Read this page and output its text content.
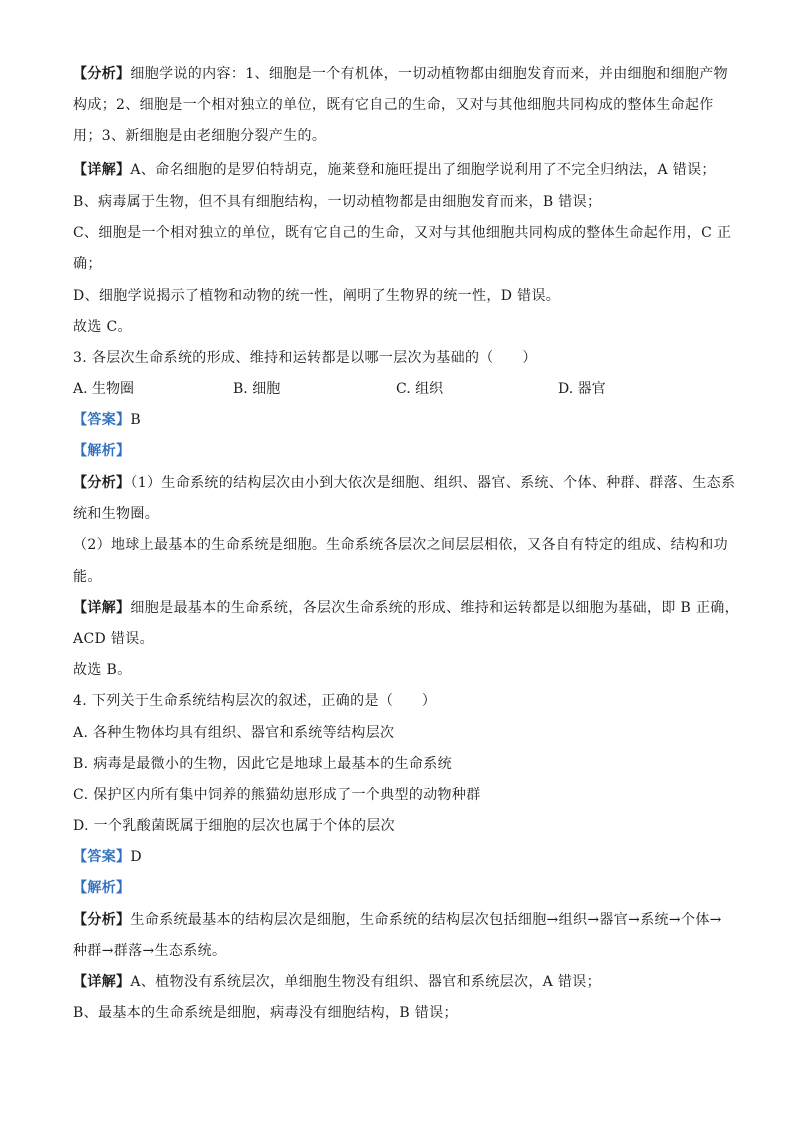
【分析】细胞学说的内容：1、细胞是一个有机体，一切动植物都由细胞发育而来，并由细胞和细胞产物
构成；2、细胞是一个相对独立的单位，既有它自己的生命，又对与其他细胞共同构成的整体生命起作
用；3、新细胞是由老细胞分裂产生的。
【详解】A、命名细胞的是罗伯特胡克，施莱登和施旺提出了细胞学说利用了不完全归纳法，A 错误；
B、病毒属于生物，但不具有细胞结构，一切动植物都是由细胞发育而来，B 错误；
C、细胞是一个相对独立的单位，既有它自己的生命，又对与其他细胞共同构成的整体生命起作用，C 正
确；
D、细胞学说揭示了植物和动物的统一性，阐明了生物界的统一性，D 错误。
故选 C。
3. 各层次生命系统的形成、维持和运转都是以哪一层次为基础的（　　）
A. 生物圈	B. 细胞	C. 组织	D. 器官
【答案】B
【解析】
【分析】（1）生命系统的结构层次由小到大依次是细胞、组织、器官、系统、个体、种群、群落、生态系
统和生物圈。
（2）地球上最基本的生命系统是细胞。生命系统各层次之间层层相依，又各自有特定的组成、结构和功
能。
【详解】细胞是最基本的生命系统，各层次生命系统的形成、维持和运转都是以细胞为基础，即 B 正确，
ACD 错误。
故选 B。
4. 下列关于生命系统结构层次的叙述，正确的是（　　）
A. 各种生物体均具有组织、器官和系统等结构层次
B. 病毒是最微小的生物，因此它是地球上最基本的生命系统
C. 保护区内所有集中饲养的熊猫幼崽形成了一个典型的动物种群
D. 一个乳酸菌既属于细胞的层次也属于个体的层次
【答案】D
【解析】
【分析】生命系统最基本的结构层次是细胞，生命系统的结构层次包括细胞→组织→器官→系统→个体→
种群→群落→生态系统。
【详解】A、植物没有系统层次，单细胞生物没有组织、器官和系统层次，A 错误；
B、最基本的生命系统是细胞，病毒没有细胞结构，B 错误；
